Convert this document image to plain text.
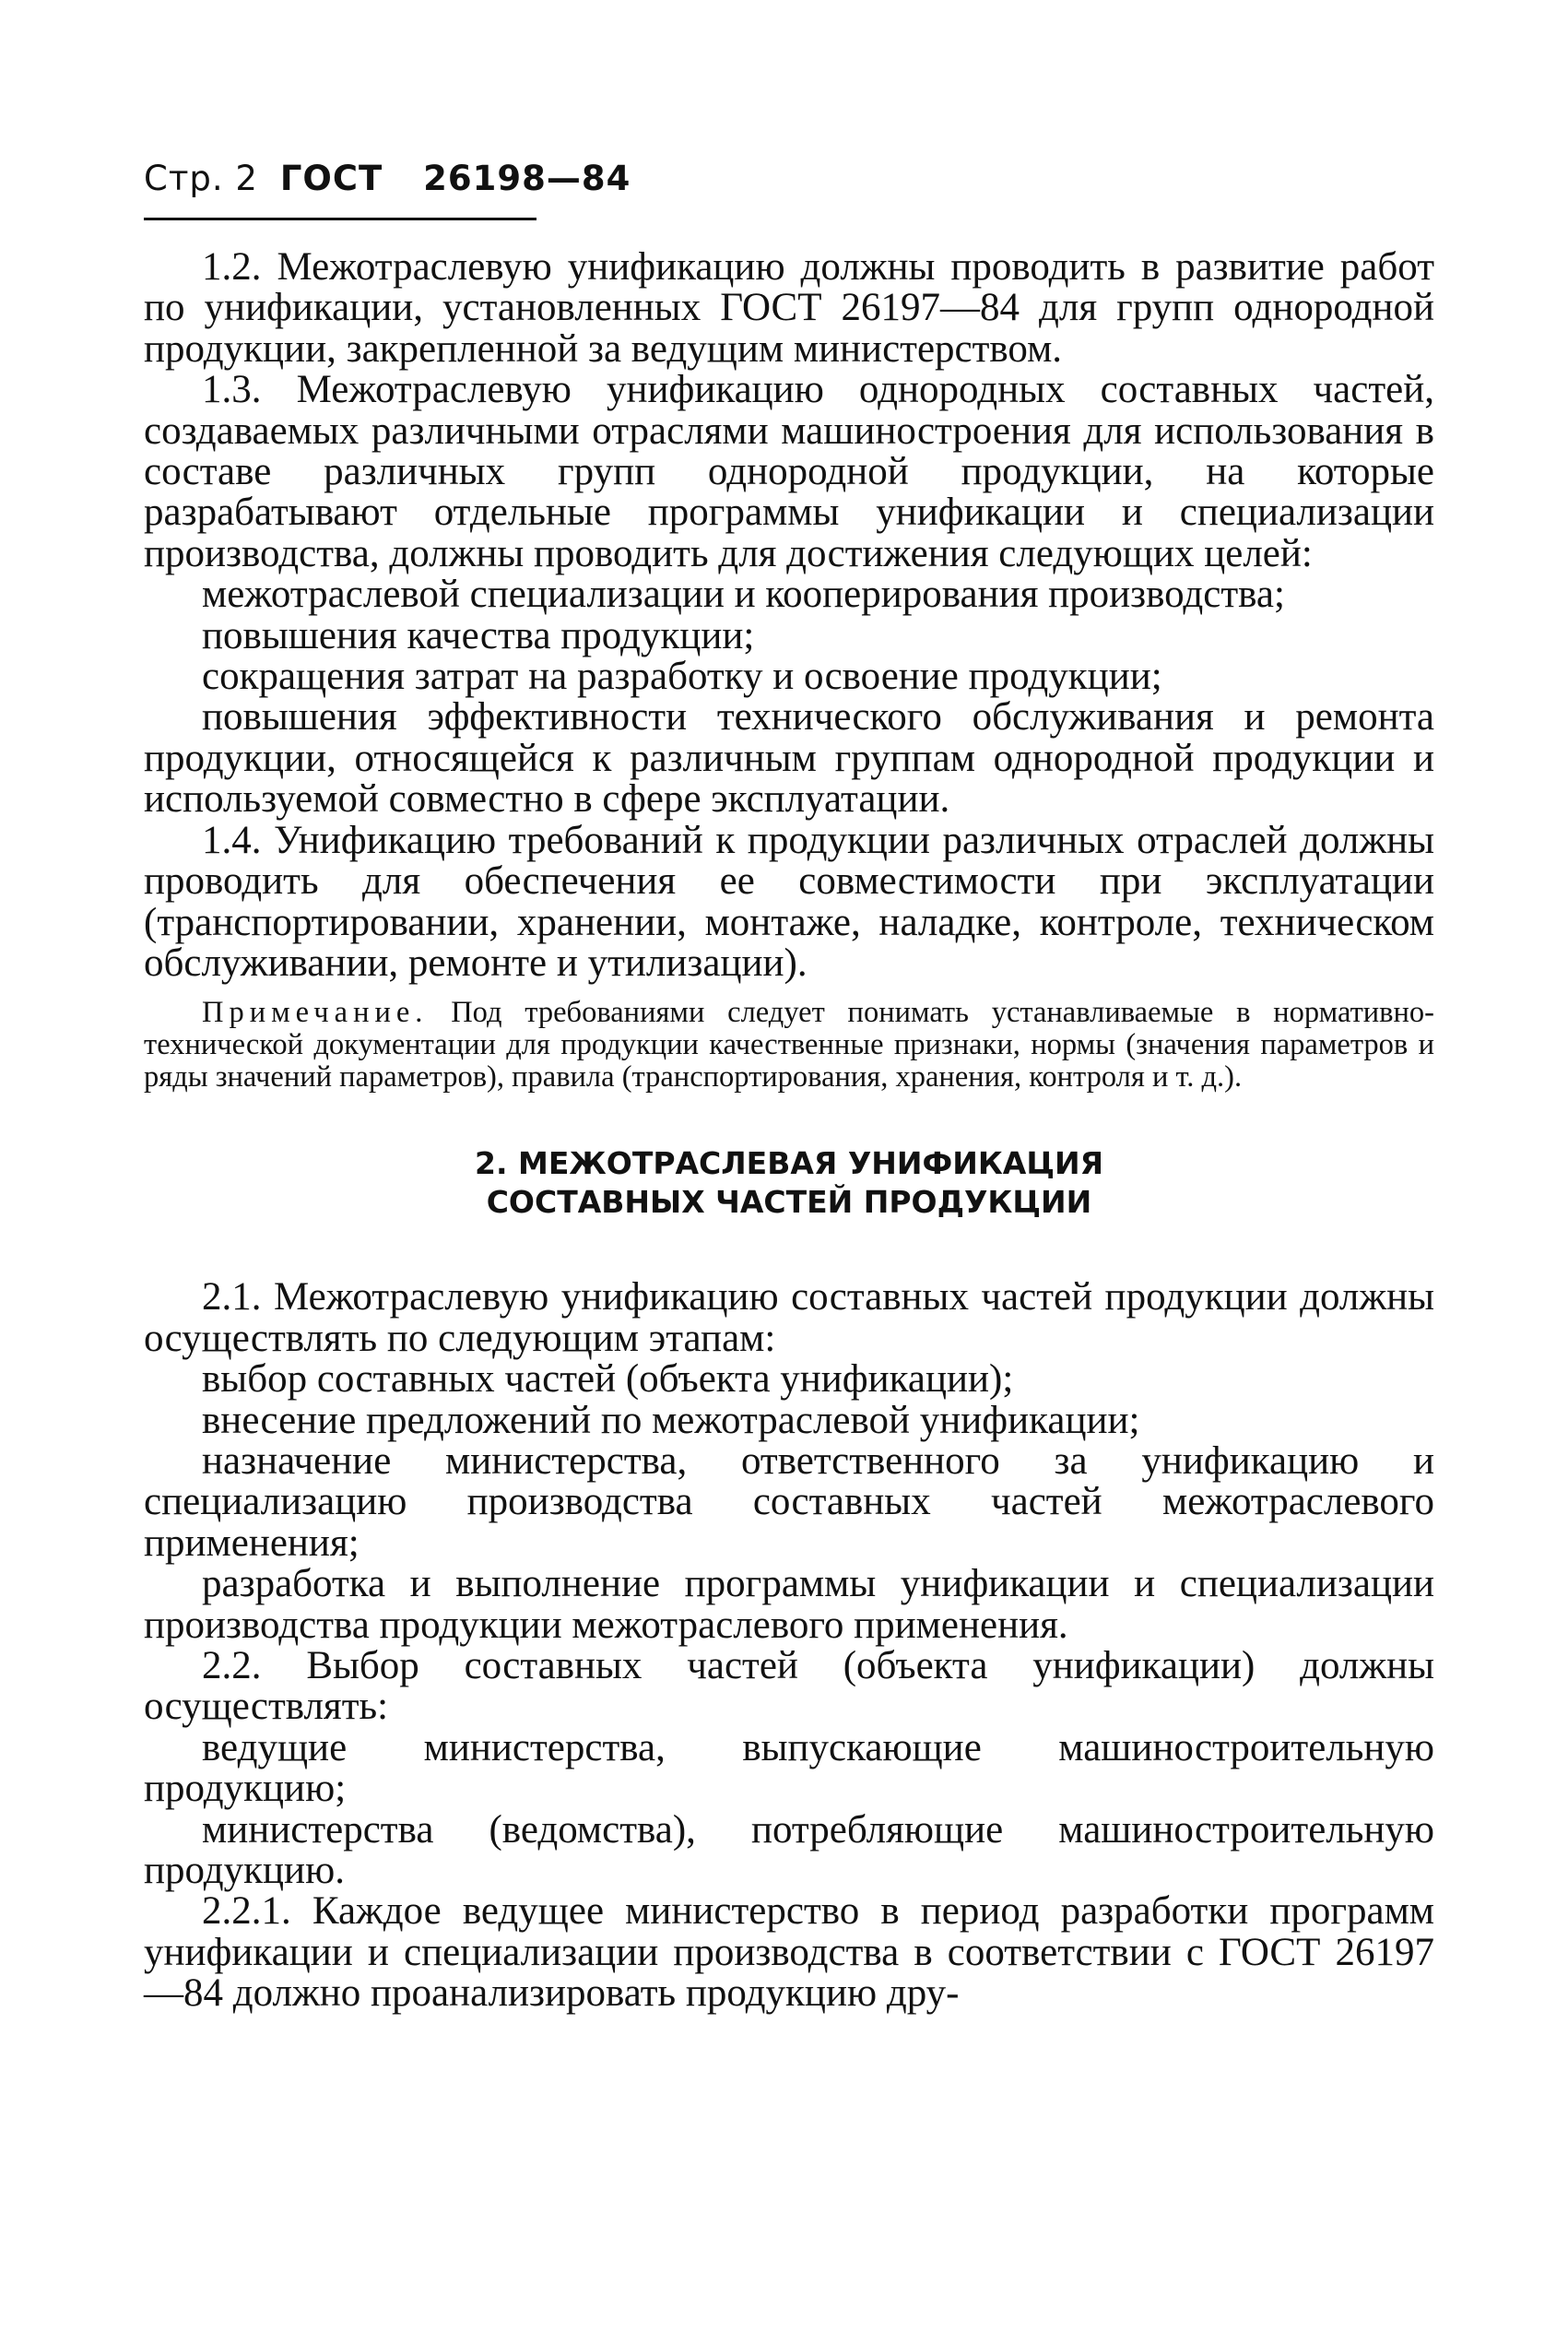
Стр. 2 ГОСТ 26198—84

1.2. Межотраслевую унификацию должны проводить в развитие работ по унификации, установленных ГОСТ 26197—84 для групп однородной продукции, закрепленной за ведущим министерством.

1.3. Межотраслевую унификацию однородных составных частей, создаваемых различными отраслями машиностроения для использования в составе различных групп однородной продукции, на которые разрабатывают отдельные программы унификации и специализации производства, должны проводить для достижения следующих целей:

межотраслевой специализации и кооперирования производства;

повышения качества продукции;

сокращения затрат на разработку и освоение продукции;

повышения эффективности технического обслуживания и ремонта продукции, относящейся к различным группам однородной продукции и используемой совместно в сфере эксплуатации.

1.4. Унификацию требований к продукции различных отраслей должны проводить для обеспечения ее совместимости при эксплуатации (транспортировании, хранении, монтаже, наладке, контроле, техническом обслуживании, ремонте и утилизации).

Примечание. Под требованиями следует понимать устанавливаемые в нормативно-технической документации для продукции качественные признаки, нормы (значения параметров и ряды значений параметров), правила (транспортирования, хранения, контроля и т. д.).

2. МЕЖОТРАСЛЕВАЯ УНИФИКАЦИЯ
СОСТАВНЫХ ЧАСТЕЙ ПРОДУКЦИИ

2.1. Межотраслевую унификацию составных частей продукции должны осуществлять по следующим этапам:

выбор составных частей (объекта унификации);

внесение предложений по межотраслевой унификации;

назначение министерства, ответственного за унификацию и специализацию производства составных частей межотраслевого применения;

разработка и выполнение программы унификации и специализации производства продукции межотраслевого применения.

2.2. Выбор составных частей (объекта унификации) должны осуществлять:

ведущие министерства, выпускающие машиностроительную продукцию;

министерства (ведомства), потребляющие машиностроительную продукцию.

2.2.1. Каждое ведущее министерство в период разработки программ унификации и специализации производства в соответствии с ГОСТ 26197—84 должно проанализировать продукцию дру-
